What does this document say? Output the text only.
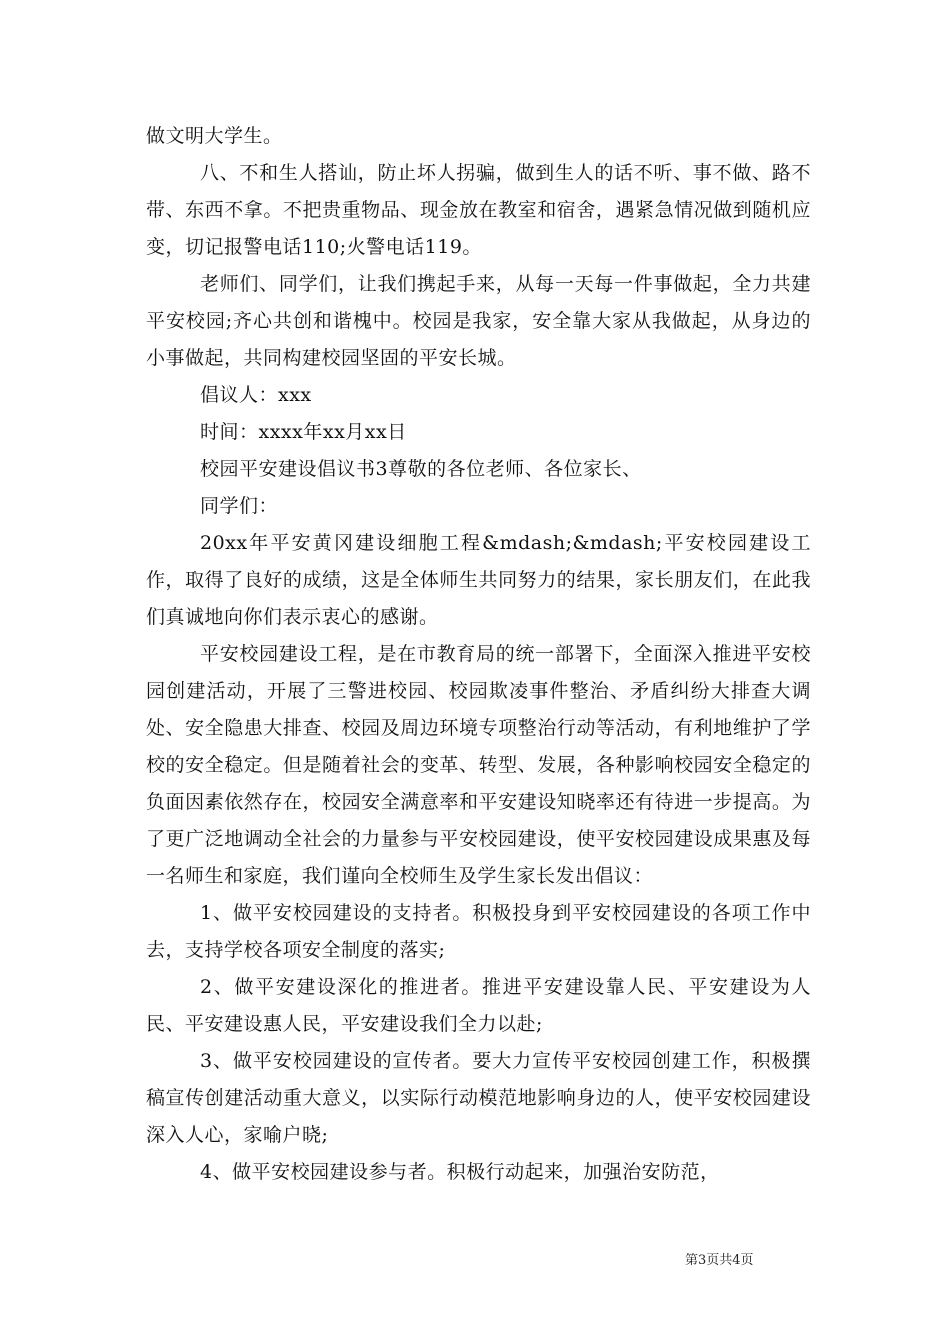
做文明大学生。

八、不和生人搭讪，防止坏人拐骗，做到生人的话不听、事不做、路不带、东西不拿。不把贵重物品、现金放在教室和宿舍，遇紧急情况做到随机应变，切记报警电话110;火警电话119。

老师们、同学们，让我们携起手来，从每一天每一件事做起，全力共建平安校园;齐心共创和谐槐中。校园是我家，安全靠大家从我做起，从身边的小事做起，共同构建校园坚固的平安长城。

倡议人：xxx

时间：xxxx年xx月xx日

校园平安建设倡议书3尊敬的各位老师、各位家长、

同学们：

20xx年平安黄冈建设细胞工程&mdash;&mdash;平安校园建设工作，取得了良好的成绩，这是全体师生共同努力的结果，家长朋友们，在此我们真诚地向你们表示衷心的感谢。

平安校园建设工程，是在市教育局的统一部署下，全面深入推进平安校园创建活动，开展了三警进校园、校园欺凌事件整治、矛盾纠纷大排查大调处、安全隐患大排查、校园及周边环境专项整治行动等活动，有利地维护了学校的安全稳定。但是随着社会的变革、转型、发展，各种影响校园安全稳定的负面因素依然存在，校园安全满意率和平安建设知晓率还有待进一步提高。为了更广泛地调动全社会的力量参与平安校园建设，使平安校园建设成果惠及每一名师生和家庭，我们谨向全校师生及学生家长发出倡议：

1、做平安校园建设的支持者。积极投身到平安校园建设的各项工作中去，支持学校各项安全制度的落实;

2、做平安建设深化的推进者。推进平安建设靠人民、平安建设为人民、平安建设惠人民，平安建设我们全力以赴;

3、做平安校园建设的宣传者。要大力宣传平安校园创建工作，积极撰稿宣传创建活动重大意义，以实际行动模范地影响身边的人，使平安校园建设深入人心，家喻户晓;

4、做平安校园建设参与者。积极行动起来，加强治安防范，

第3页共4页
